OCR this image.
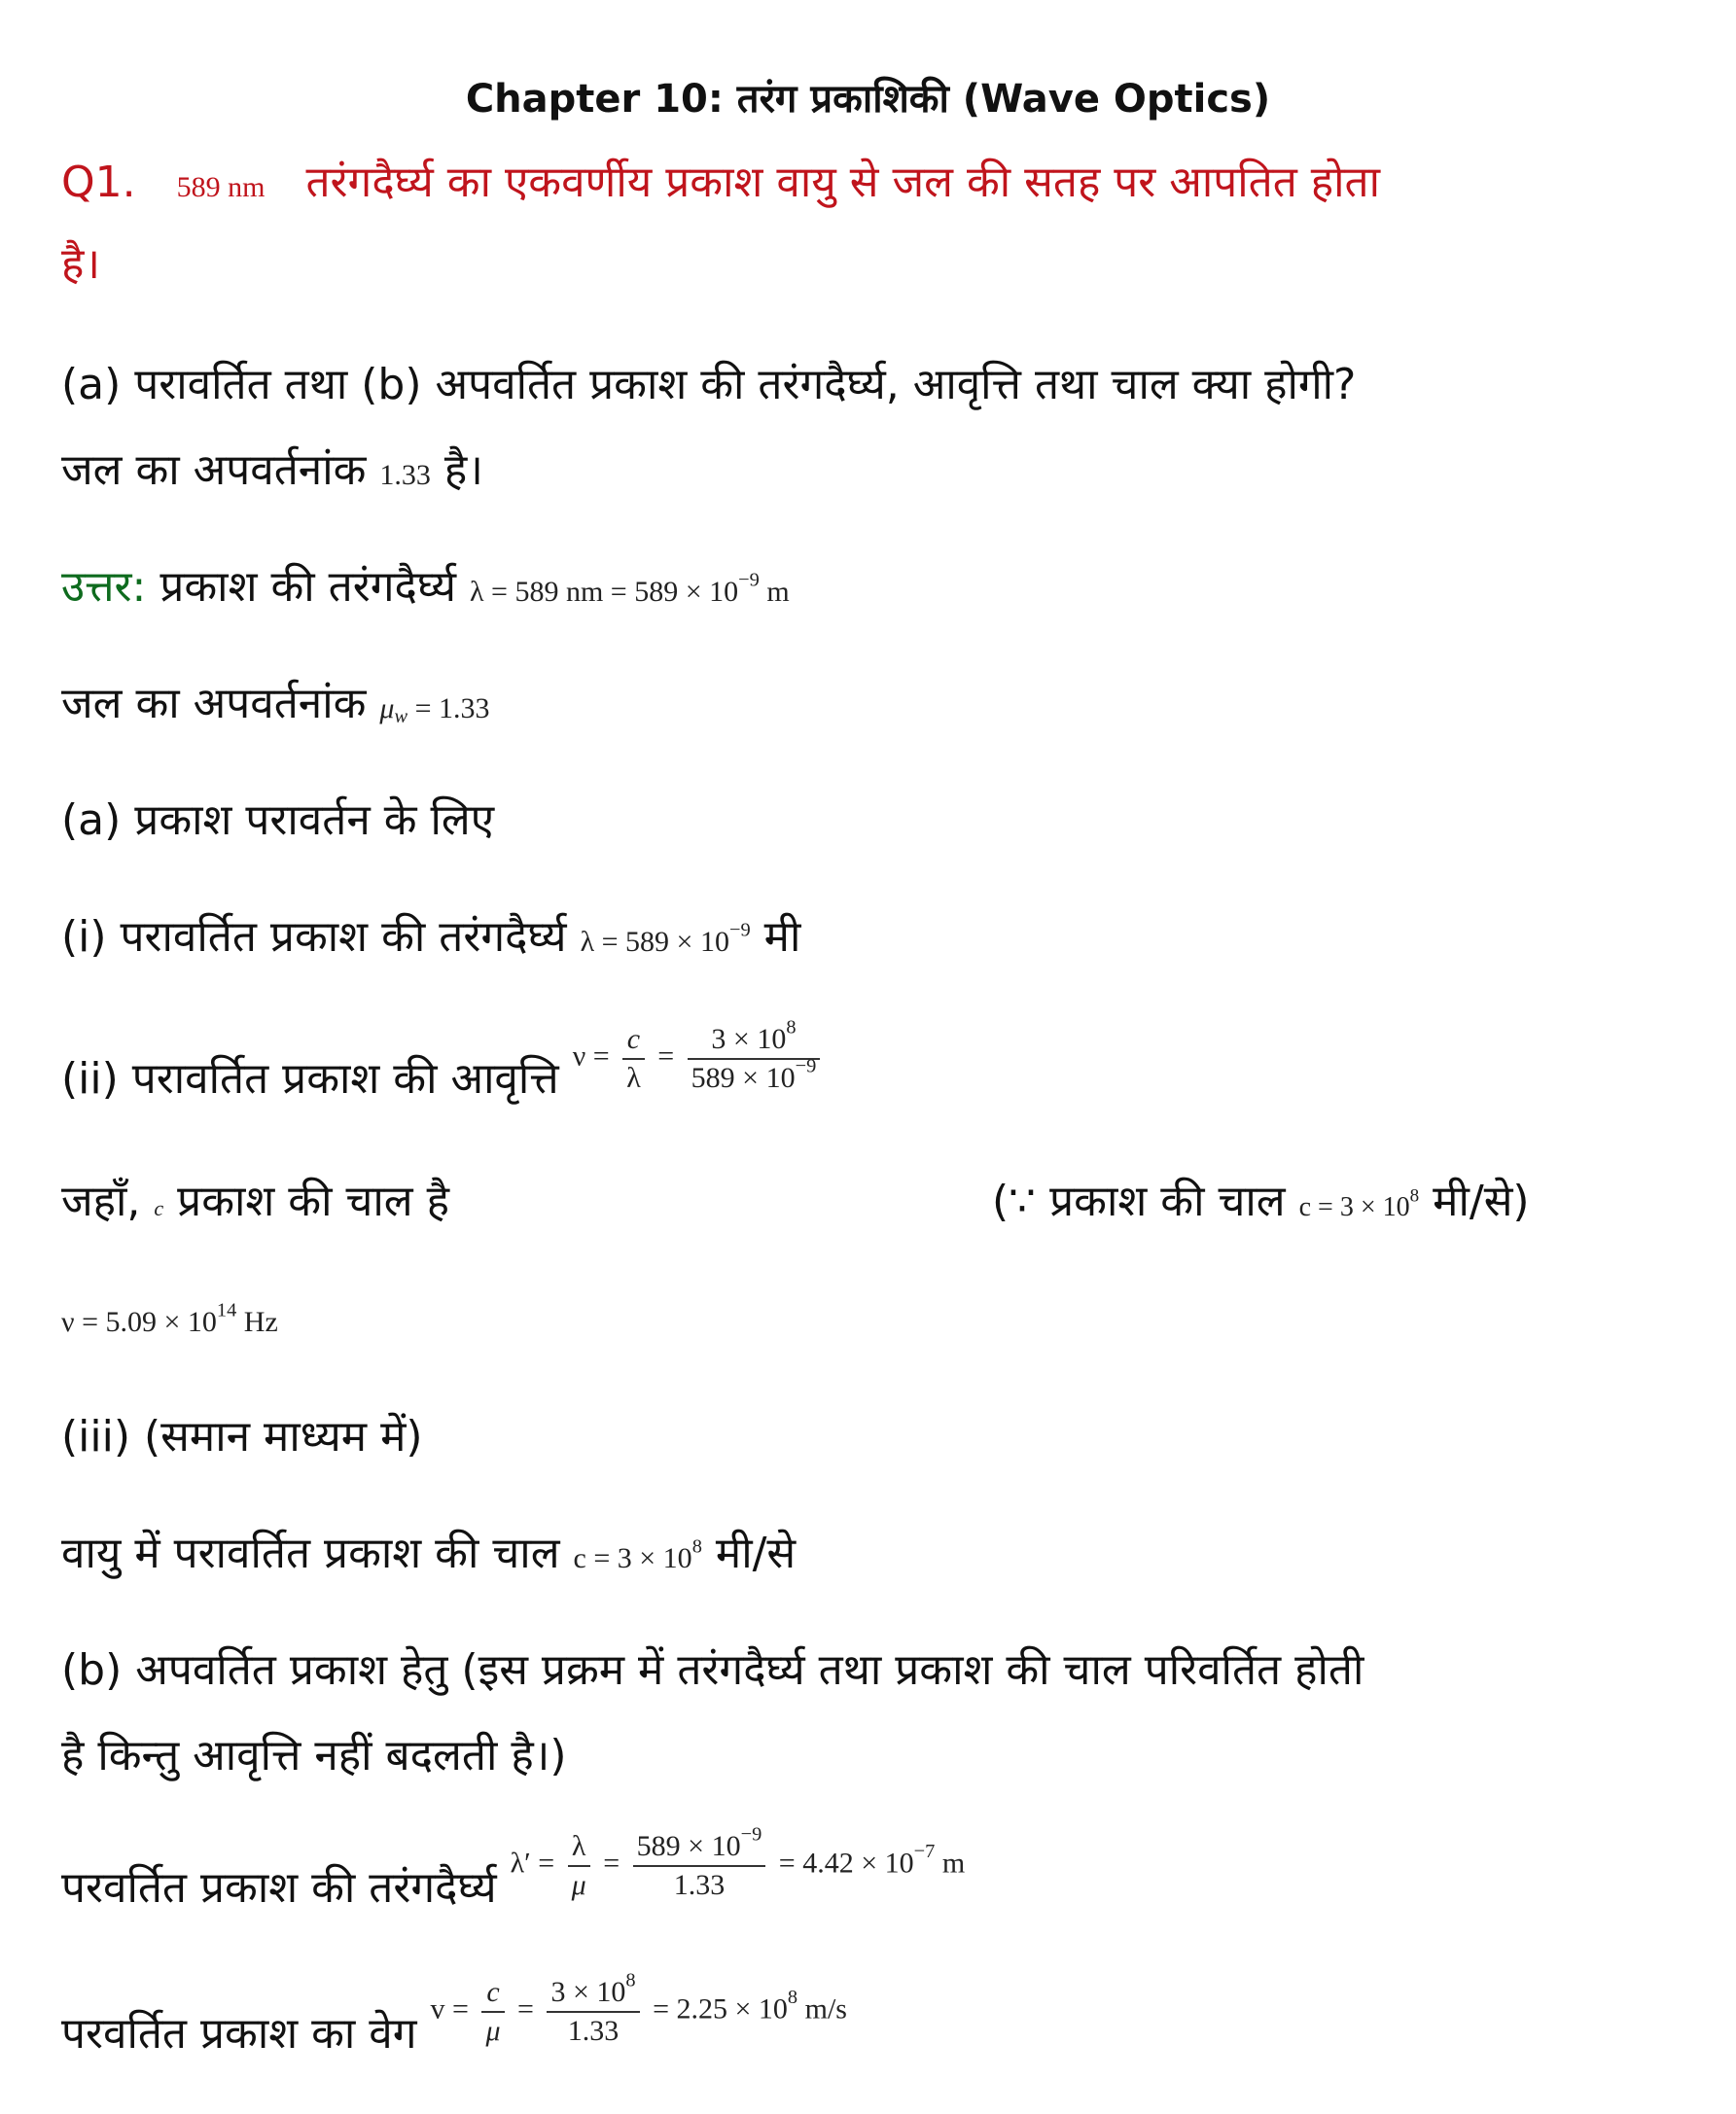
Chapter 10: तरंग प्रकाशिकी (Wave Optics)
Q1. 589 nm तरंगदैर्घ्य का एकवर्णीय प्रकाश वायु से जल की सतह पर आपतित होता
है।
(a) परावर्तित तथा (b) अपवर्तित प्रकाश की तरंगदैर्घ्य, आवृत्ति तथा चाल क्या होगी?
जल का अपवर्तनांक 1.33 है।
उत्तर: प्रकाश की तरंगदैर्घ्य λ = 589 nm = $589 \times 10^{-9}$ m
जल का अपवर्तनांक $\mu_w = 1.33$
(a) प्रकाश परावर्तन के लिए
(i) परावर्तित प्रकाश की तरंगदैर्घ्य $\lambda = 589 \times 10^{-9}$ मी
(ii) परावर्तित प्रकाश की आवृत्ति $\nu = \frac{c}{\lambda} = \frac{3 \times 10^8}{589 \times 10^{-9}}$
जहाँ, c प्रकाश की चाल है	(∵ प्रकाश की चाल $c = 3 \times 10^8$ मी/से)
$\nu = 5.09 \times 10^{14}$ Hz
(iii) (समान माध्यम में)
वायु में परावर्तित प्रकाश की चाल $c = 3 \times 10^8$ मी/से
(b) अपवर्तित प्रकाश हेतु (इस प्रक्रम में तरंगदैर्घ्य तथा प्रकाश की चाल परिवर्तित होती
है किन्तु आवृत्ति नहीं बदलती है।)
परवर्तित प्रकाश की तरंगदैर्घ्य $\lambda' = \frac{\lambda}{\mu} = \frac{589 \times 10^{-9}}{1.33} = 4.42 \times 10^{-7}$ m
परवर्तित प्रकाश का वेग $v = \frac{c}{\mu} = \frac{3 \times 10^8}{1.33} = 2.25 \times 10^8$ m/s
